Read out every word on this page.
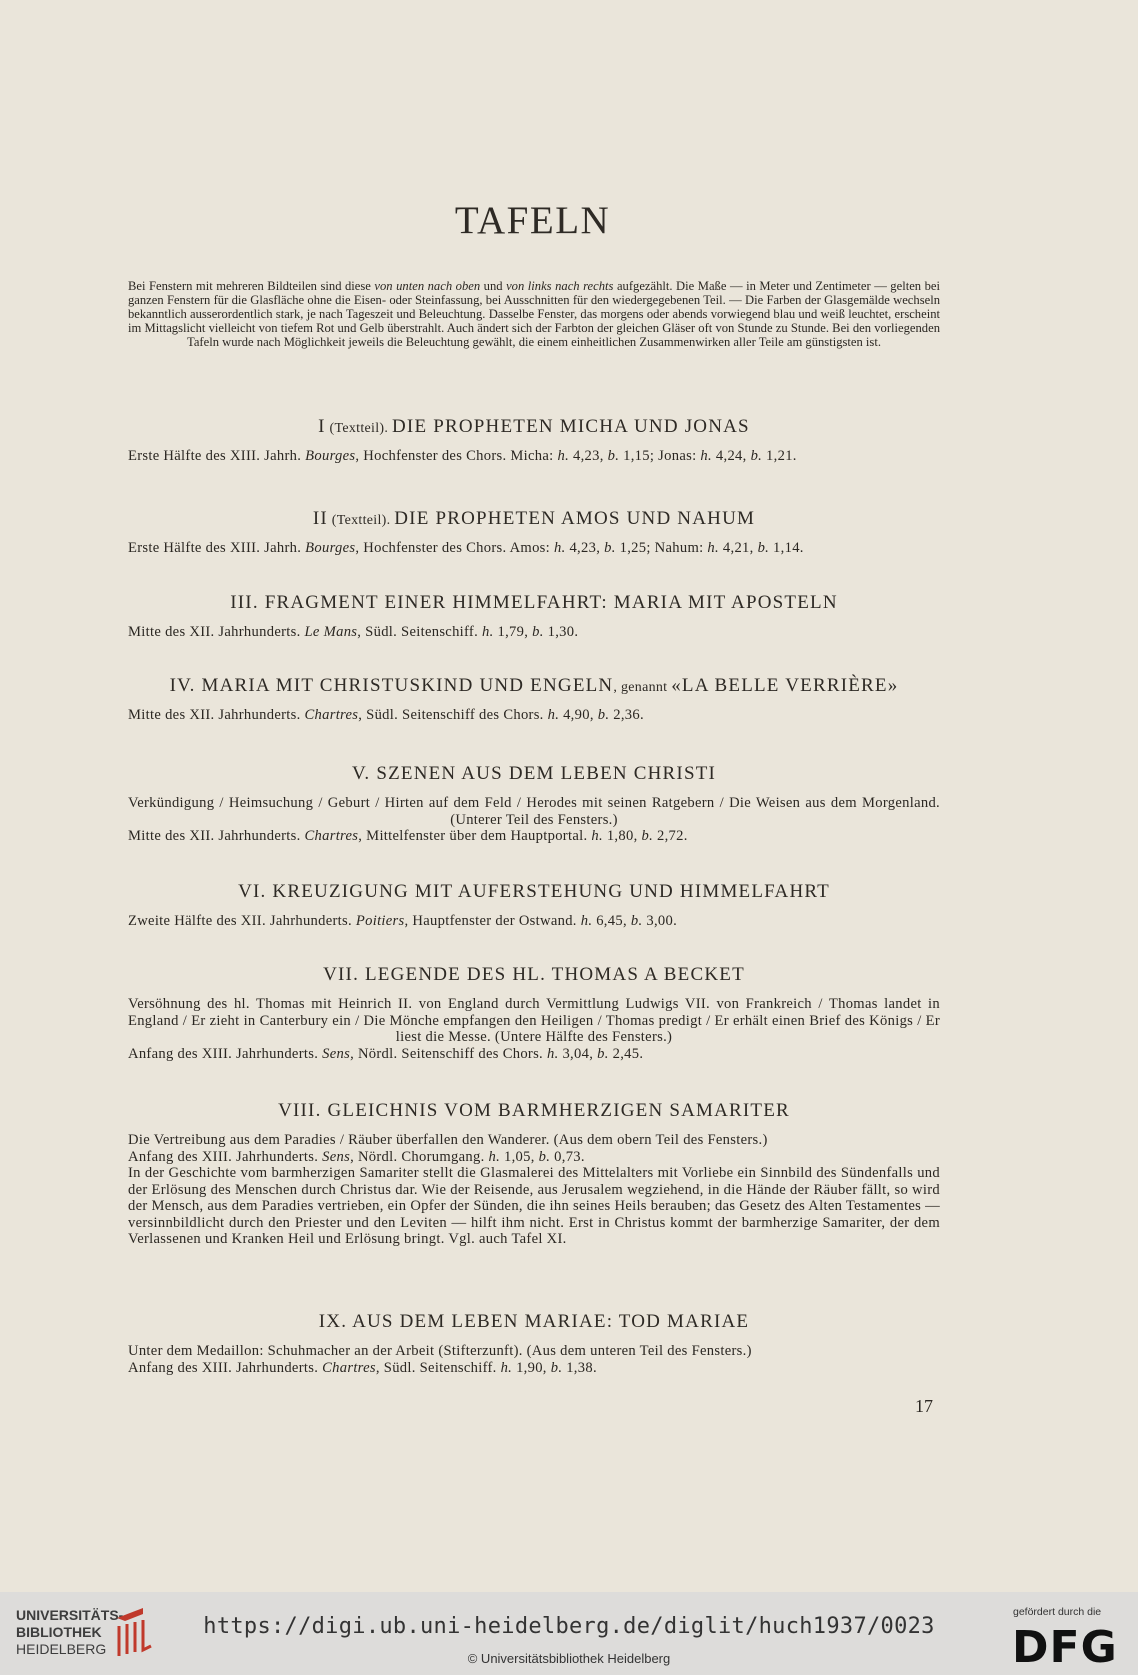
TAFELN
Bei Fenstern mit mehreren Bildteilen sind diese von unten nach oben und von links nach rechts aufgezählt. Die Maße — in Meter und Zentimeter — gelten bei ganzen Fenstern für die Glasfläche ohne die Eisen- oder Steinfassung, bei Ausschnitten für den wiedergegebenen Teil. — Die Farben der Glasgemälde wechseln bekanntlich ausserordentlich stark, je nach Tageszeit und Beleuchtung. Dasselbe Fenster, das morgens oder abends vorwiegend blau und weiß leuchtet, erscheint im Mittagslicht vielleicht von tiefem Rot und Gelb überstrahlt. Auch ändert sich der Farbton der gleichen Gläser oft von Stunde zu Stunde. Bei den vorliegenden Tafeln wurde nach Möglichkeit jeweils die Beleuchtung gewählt, die einem einheitlichen Zusammenwirken aller Teile am günstigsten ist.
I (Textteil). DIE PROPHETEN MICHA UND JONAS
Erste Hälfte des XIII. Jahrh. Bourges, Hochfenster des Chors. Micha: h. 4,23, b. 1,15; Jonas: h. 4,24, b. 1,21.
II (Textteil). DIE PROPHETEN AMOS UND NAHUM
Erste Hälfte des XIII. Jahrh. Bourges, Hochfenster des Chors. Amos: h. 4,23, b. 1,25; Nahum: h. 4,21, b. 1,14.
III. FRAGMENT EINER HIMMELFAHRT: MARIA MIT APOSTELN
Mitte des XII. Jahrhunderts. Le Mans, Südl. Seitenschiff. h. 1,79, b. 1,30.
IV. MARIA MIT CHRISTUSKIND UND ENGELN, genannt «LA BELLE VERRIÈRE»
Mitte des XII. Jahrhunderts. Chartres, Südl. Seitenschiff des Chors. h. 4,90, b. 2,36.
V. SZENEN AUS DEM LEBEN CHRISTI
Verkündigung / Heimsuchung / Geburt / Hirten auf dem Feld / Herodes mit seinen Ratgebern / Die Weisen aus dem Morgenland. (Unterer Teil des Fensters.)
Mitte des XII. Jahrhunderts. Chartres, Mittelfenster über dem Hauptportal. h. 1,80, b. 2,72.
VI. KREUZIGUNG MIT AUFERSTEHUNG UND HIMMELFAHRT
Zweite Hälfte des XII. Jahrhunderts. Poitiers, Hauptfenster der Ostwand. h. 6,45, b. 3,00.
VII. LEGENDE DES HL. THOMAS A BECKET
Versöhnung des hl. Thomas mit Heinrich II. von England durch Vermittlung Ludwigs VII. von Frankreich / Thomas landet in England / Er zieht in Canterbury ein / Die Mönche empfangen den Heiligen / Thomas predigt / Er erhält einen Brief des Königs / Er liest die Messe. (Untere Hälfte des Fensters.)
Anfang des XIII. Jahrhunderts. Sens, Nördl. Seitenschiff des Chors. h. 3,04, b. 2,45.
VIII. GLEICHNIS VOM BARMHERZIGEN SAMARITER
Die Vertreibung aus dem Paradies / Räuber überfallen den Wanderer. (Aus dem obern Teil des Fensters.)
Anfang des XIII. Jahrhunderts. Sens, Nördl. Chorumgang. h. 1,05, b. 0,73.
In der Geschichte vom barmherzigen Samariter stellt die Glasmalerei des Mittelalters mit Vorliebe ein Sinnbild des Sündenfalls und der Erlösung des Menschen durch Christus dar. Wie der Reisende, aus Jerusalem wegziehend, in die Hände der Räuber fällt, so wird der Mensch, aus dem Paradies vertrieben, ein Opfer der Sünden, die ihn seines Heils berauben; das Gesetz des Alten Testamentes — versinnbildlicht durch den Priester und den Leviten — hilft ihm nicht. Erst in Christus kommt der barmherzige Samariter, der dem Verlassenen und Kranken Heil und Erlösung bringt. Vgl. auch Tafel XI.
IX. AUS DEM LEBEN MARIAE: TOD MARIAE
Unter dem Medaillon: Schuhmacher an der Arbeit (Stifterzunft). (Aus dem unteren Teil des Fensters.)
Anfang des XIII. Jahrhunderts. Chartres, Südl. Seitenschiff. h. 1,90, b. 1,38.
17
UNIVERSITÄTS-
BIBLIOTHEK
HEIDELBERG
https://digi.ub.uni-heidelberg.de/diglit/huch1937/0023
© Universitätsbibliothek Heidelberg
gefördert durch die
DFG
